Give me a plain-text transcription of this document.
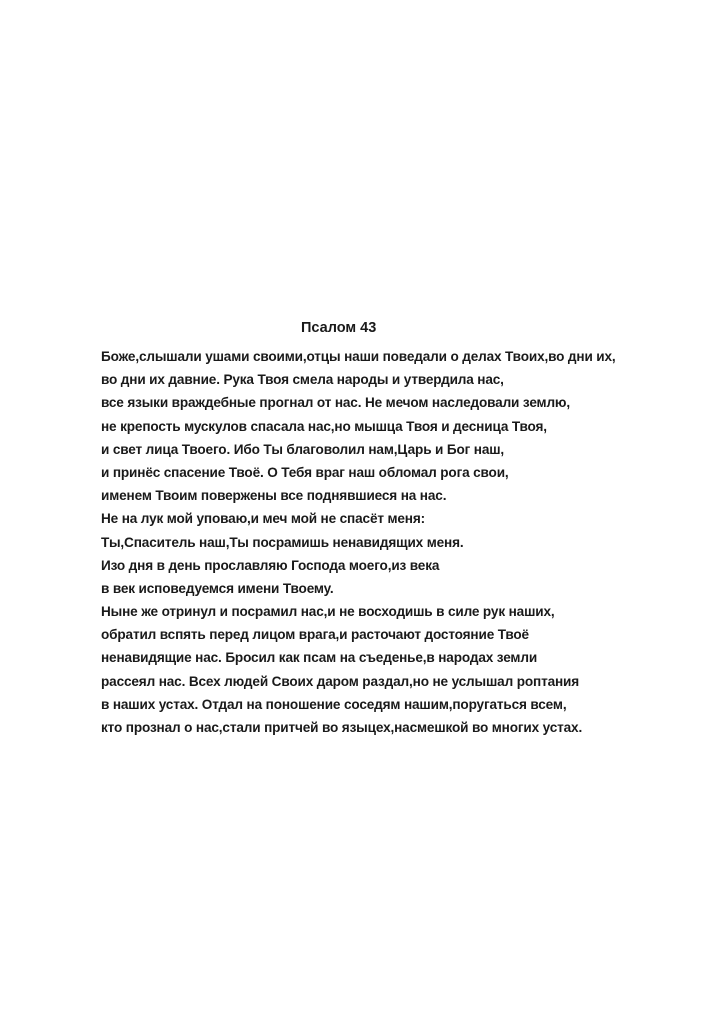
Псалом 43
Боже,слышали ушами своими,отцы наши поведали о делах Твоих,во дни их,
во дни их давние. Рука Твоя смела народы и утвердила нас,
все языки враждебные прогнал от нас. Не мечом наследовали землю,
не крепость мускулов спасала нас,но мышца Твоя и десница Твоя,
и свет лица Твоего. Ибо Ты благоволил нам,Царь и Бог наш,
и принёс спасение Твоё. О Тебя враг наш обломал рога свои,
именем Твоим повержены все поднявшиеся на нас.
Не на лук мой уповаю,и меч мой не спасёт меня:
Ты,Спаситель наш,Ты посрамишь ненавидящих меня.
Изо дня в день прославляю Господа моего,из века
в век исповедуемся имени Твоему.
Ныне же отринул и посрамил нас,и не восходишь в силе рук наших,
обратил вспять перед лицом врага,и расточают достояние Твоё
ненавидящие нас. Бросил как псам на съеденье,в народах земли
рассеял нас. Всех людей Своих даром раздал,но не услышал роптания
в наших устах. Отдал на поношение соседям нашим,поругаться всем,
кто прознал о нас,стали притчей во языцех,насмешкой во многих устах.
